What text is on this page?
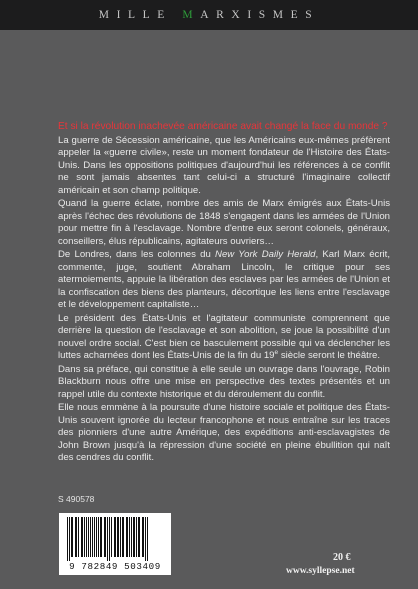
MILLE MARXISMES

Et si la révolution inachevée américaine avait changé la face du monde ?

La guerre de Sécession américaine, que les Américains eux-mêmes préfèrent appeler la «guerre civile», reste un moment fondateur de l'Histoire des États-Unis. Dans les oppositions politiques d'aujourd'hui les références à ce conflit ne sont jamais absentes tant celui-ci a structuré l'imaginaire collectif américain et son champ politique.

Quand la guerre éclate, nombre des amis de Marx émigrés aux États-Unis après l'échec des révolutions de 1848 s'engagent dans les armées de l'Union pour mettre fin à l'esclavage. Nombre d'entre eux seront colonels, généraux, conseillers, élus républicains, agitateurs ouvriers…

De Londres, dans les colonnes du New York Daily Herald, Karl Marx écrit, commente, juge, soutient Abraham Lincoln, le critique pour ses atermoiements, appuie la libération des esclaves par les armées de l'Union et la confiscation des biens des planteurs, décortique les liens entre l'esclavage et le développement capitaliste…

Le président des États-Unis et l'agitateur communiste comprennent que derrière la question de l'esclavage et son abolition, se joue la possibilité d'un nouvel ordre social. C'est bien ce basculement possible qui va déclencher les luttes acharnées dont les États-Unis de la fin du 19e siècle seront le théâtre.

Dans sa préface, qui constitue à elle seule un ouvrage dans l'ouvrage, Robin Blackburn nous offre une mise en perspective des textes présentés et un rappel utile du contexte historique et du déroulement du conflit.

Elle nous emmène à la poursuite d'une histoire sociale et politique des États-Unis souvent ignorée du lecteur francophone et nous entraîne sur les traces des pionniers d'une autre Amérique, des expéditions anti-esclavagistes de John Brown jusqu'à la répression d'une société en pleine ébullition qui naît des cendres du conflit.

S 490578
9 782849 503409
20 €
www.syllepse.net
